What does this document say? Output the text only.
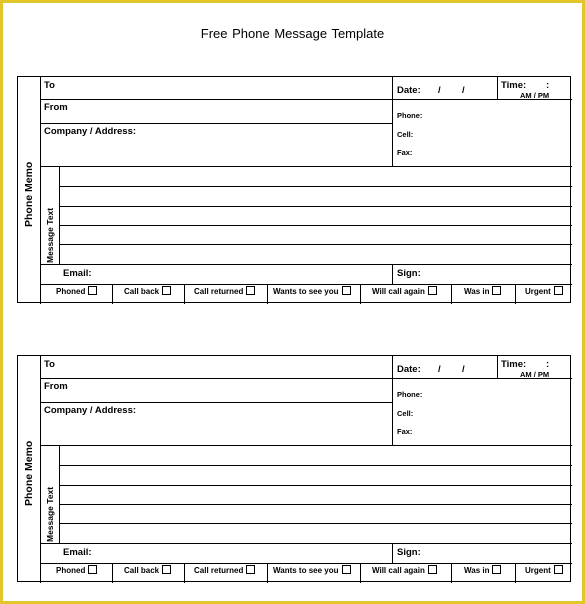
Free Phone Message Template
Phone Memo
Message Text
To
From
Company / Address:
Date: / /	Time: :
AM / PM
Phone:
Cell:
Fax:
Email:	Sign:
Phoned	Call back	Call returned	Wants to see you	Will call again	Was in	Urgent
Phone Memo
Message Text
To
From
Company / Address:
Date: / /	Time: :
AM / PM
Phone:
Cell:
Fax:
Email:	Sign:
Phoned	Call back	Call returned	Wants to see you	Will call again	Was in	Urgent
